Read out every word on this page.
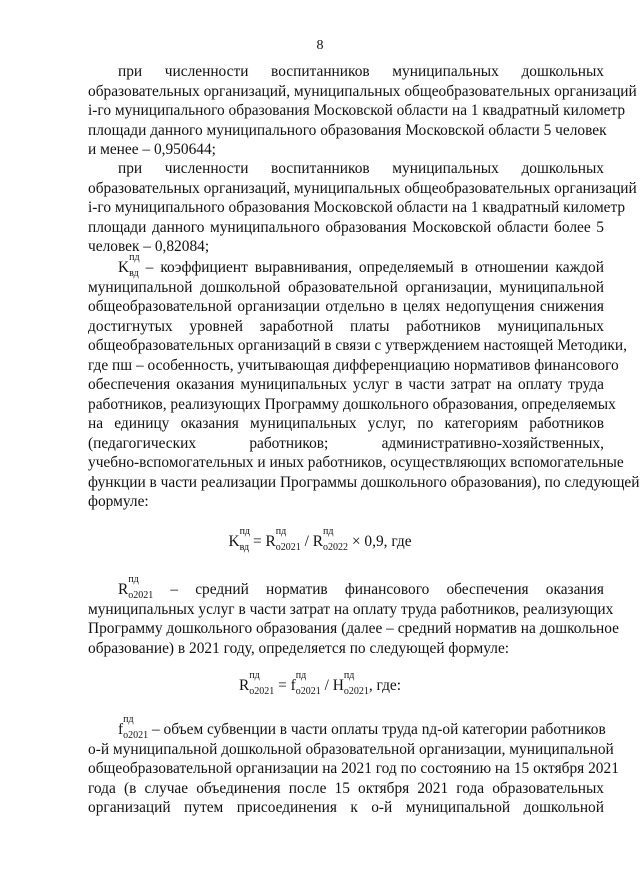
8
при численности воспитанников муниципальных дошкольных
образовательных организаций, муниципальных общеобразовательных организаций
i-го муниципального образования Московской области на 1 квадратный километр
площади данного муниципального образования Московской области 5 человек
и менее – 0,950644;
при численности воспитанников муниципальных дошкольных
образовательных организаций, муниципальных общеобразовательных организаций
i-го муниципального образования Московской области на 1 квадратный километр
площади данного муниципального образования Московской области более 5
человек – 0,82084;
K
пд
вд – коэффициент выравнивания, определяемый в отношении каждой
муниципальной дошкольной образовательной организации, муниципальной
общеобразовательной организации отдельно в целях недопущения снижения
достигнутых уровней заработной платы работников муниципальных
общеобразовательных организаций в связи с утверждением настоящей Методики,
где пш – особенность, учитывающая дифференциацию нормативов финансового
обеспечения оказания муниципальных услуг в части затрат на оплату труда
работников, реализующих Программу дошкольного образования, определяемых
на единицу оказания муниципальных услуг, по категориям работников
(педагогических работников; административно-хозяйственных,
учебно-вспомогательных и иных работников, осуществляющих вспомогательные
функции в части реализации Программы дошкольного образования), по следующей
формуле:
K
пд
вд = R
пд
о2021 / R
пд
о2022 × 0,9, где
R
пд
о2021 – средний норматив финансового обеспечения оказания
муниципальных услуг в части затрат на оплату труда работников, реализующих
Программу дошкольного образования (далее – средний норматив на дошкольное
образование) в 2021 году, определяется по следующей формуле:
R
пд
о2021 = f
пд
о2021 / H
пд
о2021, где:
f
пд
о2021 – объем субвенции в части оплаты труда nд-ой категории работников
о-й муниципальной дошкольной образовательной организации, муниципальной
общеобразовательной организации на 2021 год по состоянию на 15 октября 2021
года (в случае объединения после 15 октября 2021 года образовательных
организаций путем присоединения к о-й муниципальной дошкольной
